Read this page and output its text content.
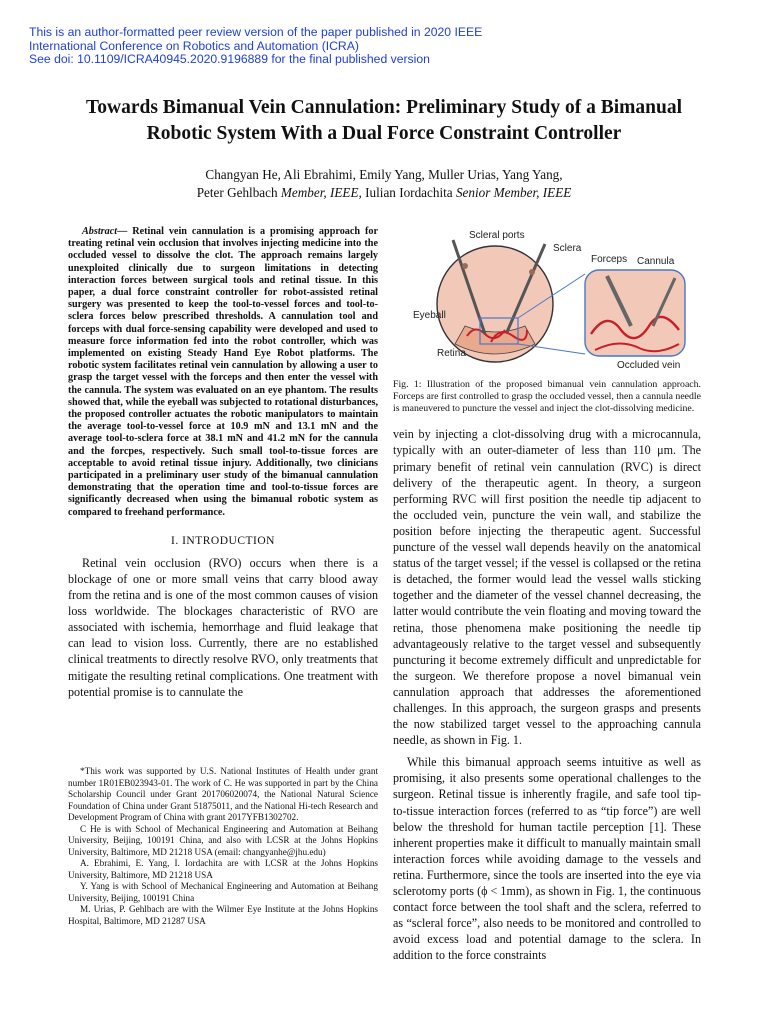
This is an author-formatted peer review version of the paper published in 2020 IEEE
International Conference on Robotics and Automation (ICRA)
See doi: 10.1109/ICRA40945.2020.9196889 for the final published version
Towards Bimanual Vein Cannulation: Preliminary Study of a Bimanual
Robotic System With a Dual Force Constraint Controller
Changyan He, Ali Ebrahimi, Emily Yang, Muller Urias, Yang Yang,
Peter Gehlbach Member, IEEE, Iulian Iordachita Senior Member, IEEE

Abstract— Retinal vein cannulation is a promising approach for treating retinal vein occlusion that involves injecting medicine into the occluded vessel to dissolve the clot. The approach remains largely unexploited clinically due to surgeon limitations in detecting interaction forces between surgical tools and retinal tissue. In this paper, a dual force constraint controller for robot-assisted retinal surgery was presented to keep the tool-to-vessel forces and tool-to-sclera forces below prescribed thresholds. A cannulation tool and forceps with dual force-sensing capability were developed and used to measure force information fed into the robot controller, which was implemented on existing Steady Hand Eye Robot platforms. The robotic system facilitates retinal vein cannulation by allowing a user to grasp the target vessel with the forceps and then enter the vessel with the cannula. The system was evaluated on an eye phantom. The results showed that, while the eyeball was subjected to rotational disturbances, the proposed controller actuates the robotic manipulators to maintain the average tool-to-vessel force at 10.9 mN and 13.1 mN and the average tool-to-sclera force at 38.1 mN and 41.2 mN for the cannula and the forcpes, respectively. Such small tool-to-tissue forces are acceptable to avoid retinal tissue injury. Additionally, two clinicians participated in a preliminary user study of the bimanual cannulation demonstrating that the operation time and tool-to-tissue forces are significantly decreased when using the bimanual robotic system as compared to freehand performance.

I. INTRODUCTION

Retinal vein occlusion (RVO) occurs when there is a blockage of one or more small veins that carry blood away from the retina and is one of the most common causes of vision loss worldwide. The blockages characteristic of RVO are associated with ischemia, hemorrhage and fluid leakage that can lead to vision loss. Currently, there are no established clinical treatments to directly resolve RVO, only treatments that mitigate the resulting retinal complications. One treatment with potential promise is to cannulate the

*This work was supported by U.S. National Institutes of Health under grant number 1R01EB023943-01. The work of C. He was supported in part by the China Scholarship Council under Grant 201706020074, the National Natural Science Foundation of China under Grant 51875011, and the National Hi-tech Research and Development Program of China with grant 2017YFB1302702.

C He is with School of Mechanical Engineering and Automation at Beihang University, Beijing, 100191 China, and also with LCSR at the Johns Hopkins University, Baltimore, MD 21218 USA (email: changyanhe@jhu.edu)

A. Ebrahimi, E. Yang, I. Iordachita are with LCSR at the Johns Hopkins University, Baltimore, MD 21218 USA

Y. Yang is with School of Mechanical Engineering and Automation at Beihang University, Beijing, 100191 China

M. Urias, P. Gehlbach are with the Wilmer Eye Institute at the Johns Hopkins Hospital, Baltimore, MD 21287 USA

Scleral ports
Sclera
Forceps Cannula
Eyeball
Retina
Occluded vein

Fig. 1: Illustration of the proposed bimanual vein cannulation approach. Forceps are first controlled to grasp the occluded vessel, then a cannula needle is maneuvered to puncture the vessel and inject the clot-dissolving medicine.

vein by injecting a clot-dissolving drug with a microcannula, typically with an outer-diameter of less than 110 μm. The primary benefit of retinal vein cannulation (RVC) is direct delivery of the therapeutic agent. In theory, a surgeon performing RVC will first position the needle tip adjacent to the occluded vein, puncture the vein wall, and stabilize the position before injecting the therapeutic agent. Successful puncture of the vessel wall depends heavily on the anatomical status of the target vessel; if the vessel is collapsed or the retina is detached, the former would lead the vessel walls sticking together and the diameter of the vessel channel decreasing, the latter would contribute the vein floating and moving toward the retina, those phenomena make positioning the needle tip advantageously relative to the target vessel and subsequently puncturing it become extremely difficult and unpredictable for the surgeon. We therefore propose a novel bimanual vein cannulation approach that addresses the aforementioned challenges. In this approach, the surgeon grasps and presents the now stabilized target vessel to the approaching cannula needle, as shown in Fig. 1.

While this bimanual approach seems intuitive as well as promising, it also presents some operational challenges to the surgeon. Retinal tissue is inherently fragile, and safe tool tip-to-tissue interaction forces (referred to as “tip force”) are well below the threshold for human tactile perception [1]. These inherent properties make it difficult to manually maintain small interaction forces while avoiding damage to the vessels and retina. Furthermore, since the tools are inserted into the eye via sclerotomy ports (ϕ < 1mm), as shown in Fig. 1, the continuous contact force between the tool shaft and the sclera, referred to as “scleral force”, also needs to be monitored and controlled to avoid excess load and potential damage to the sclera. In addition to the force constraints
